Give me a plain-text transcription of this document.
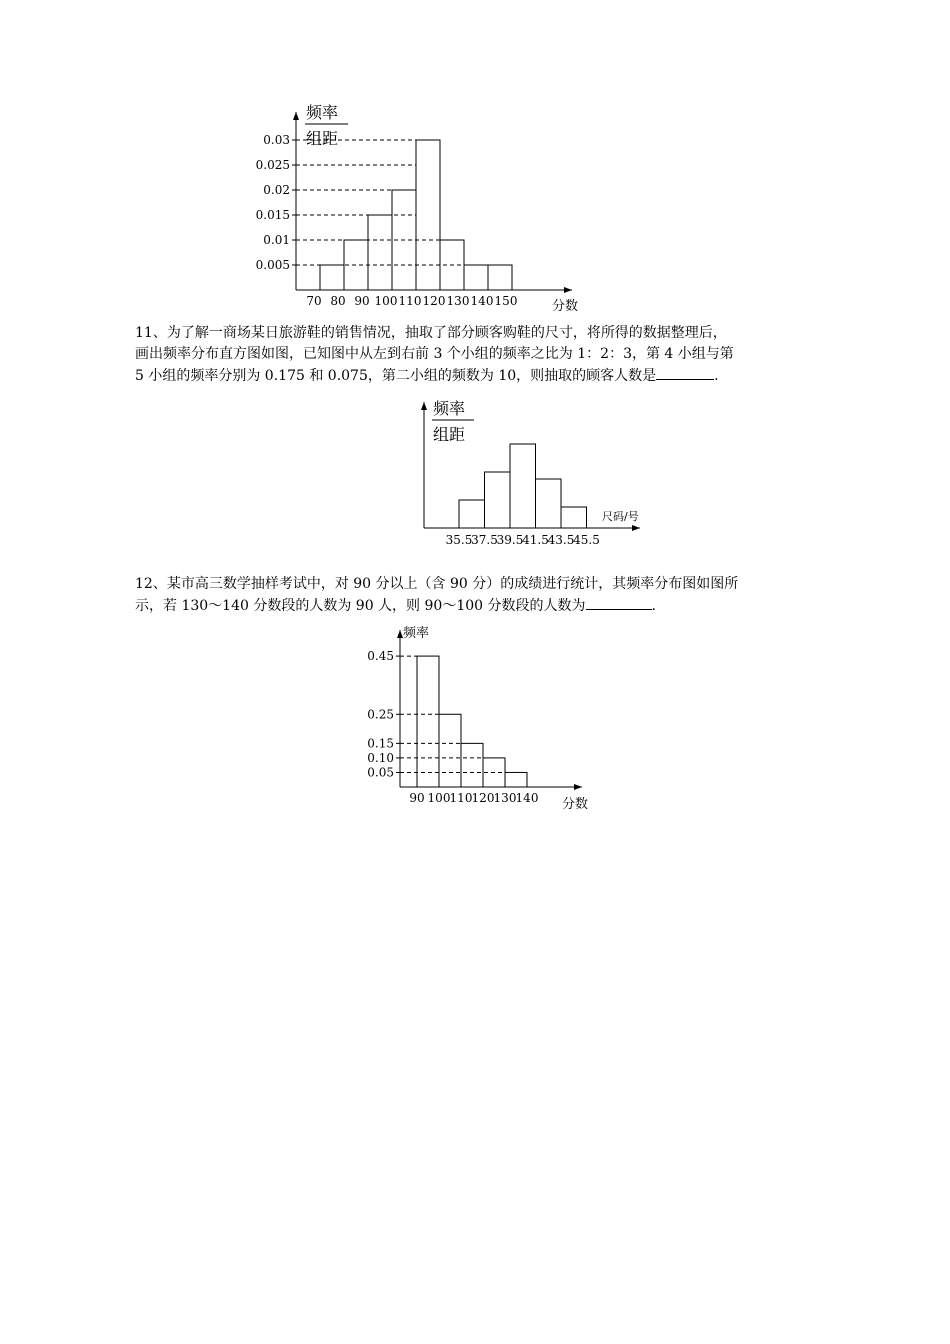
频率
组距
分数
0.005
0.01
0.015
0.02
0.025
0.03
70 80 90 100 110 120 130 140 150

11、为了解一商场某日旅游鞋的销售情况，抽取了部分顾客购鞋的尺寸，将所得的数据整理后，

画出频率分布直方图如图，已知图中从左到右前 3 个小组的频率之比为 1：2：3，第 4 小组与第

5 小组的频率分别为 0.175 和 0.075，第二小组的频数为 10，则抽取的顾客人数是	.

频率
组距
尺码/号
35.5
37.5
39.5
41.5
43.5
45.5

12、某市高三数学抽样考试中，对 90 分以上（含 90 分）的成绩进行统计，其频率分布图如图所

示，若 130～140 分数段的人数为 90 人，则 90～100 分数段的人数为	.

频率
分数
0.05
0.10
0.15
0.25
0.45
90 100 110 120 130 140
